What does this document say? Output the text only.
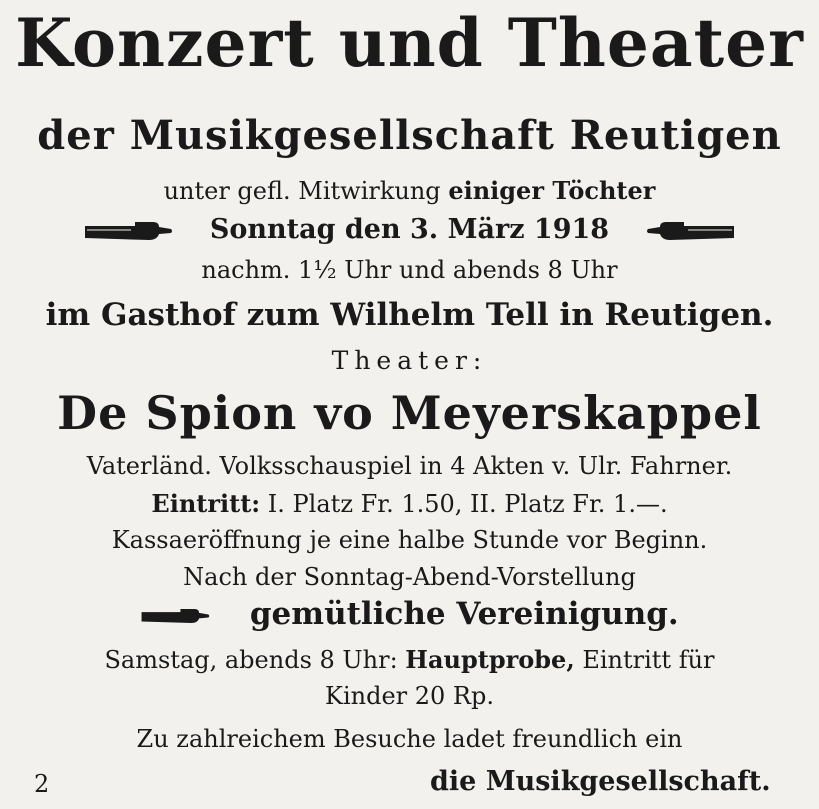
Konzert und Theater
der Musikgesellschaft Reutigen
unter gefl. Mitwirkung einiger Töchter
Sonntag den 3. März 1918
nachm. 1½ Uhr und abends 8 Uhr
im Gasthof zum Wilhelm Tell in Reutigen.
Theater:
De Spion vo Meyerskappel
Vaterländ. Volksschauspiel in 4 Akten v. Ulr. Fahrner.
Eintritt: I. Platz Fr. 1.50, II. Platz Fr. 1.—.
Kassaeröffnung je eine halbe Stunde vor Beginn.
Nach der Sonntag-Abend-Vorstellung
gemütliche Vereinigung.
Samstag, abends 8 Uhr: Hauptprobe, Eintritt für
Kinder 20 Rp.
Zu zahlreichem Besuche ladet freundlich ein
2	die Musikgesellschaft.
